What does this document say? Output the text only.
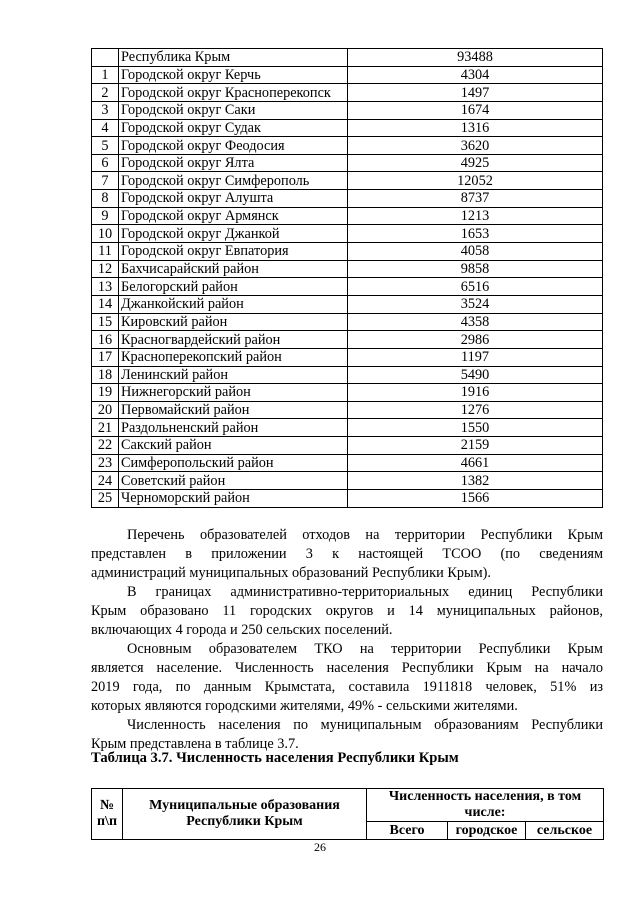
	Республика Крым	93488
1	Городской округ Керчь	4304
2	Городской округ Красноперекопск	1497
3	Городской округ Саки	1674
4	Городской округ Судак	1316
5	Городской округ Феодосия	3620
6	Городской округ Ялта	4925
7	Городской округ Симферополь	12052
8	Городской округ Алушта	8737
9	Городской округ Армянск	1213
10	Городской округ Джанкой	1653
11	Городской округ Евпатория	4058
12	Бахчисарайский район	9858
13	Белогорский район	6516
14	Джанкойский район	3524
15	Кировский район	4358
16	Красногвардейский район	2986
17	Красноперекопский район	1197
18	Ленинский район	5490
19	Нижнегорский район	1916
20	Первомайский район	1276
21	Раздольненский район	1550
22	Сакский район	2159
23	Симферопольский район	4661
24	Советский район	1382
25	Черноморский район	1566

Перечень образователей отходов на территории Республики Крым

представлен в приложении 3 к настоящей ТСОО (по сведениям

администраций муниципальных образований Республики Крым).

В границах административно-территориальных единиц Республики

Крым образовано 11 городских округов и 14 муниципальных районов,

включающих 4 города и 250 сельских поселений.

Основным образователем ТКО на территории Республики Крым

является население. Численность населения Республики Крым на начало

2019 года, по данным Крымстата, составила 1911818 человек, 51% из

которых являются городскими жителями, 49% - сельскими жителями.

Численность населения по муниципальным образованиям Республики

Крым представлена в таблице 3.7.

Таблица 3.7. Численность населения Республики Крым

№ п\п	Муниципальные образования Республики Крым	Численность населения, в том числе:		
		Всего	городское	сельское
26
